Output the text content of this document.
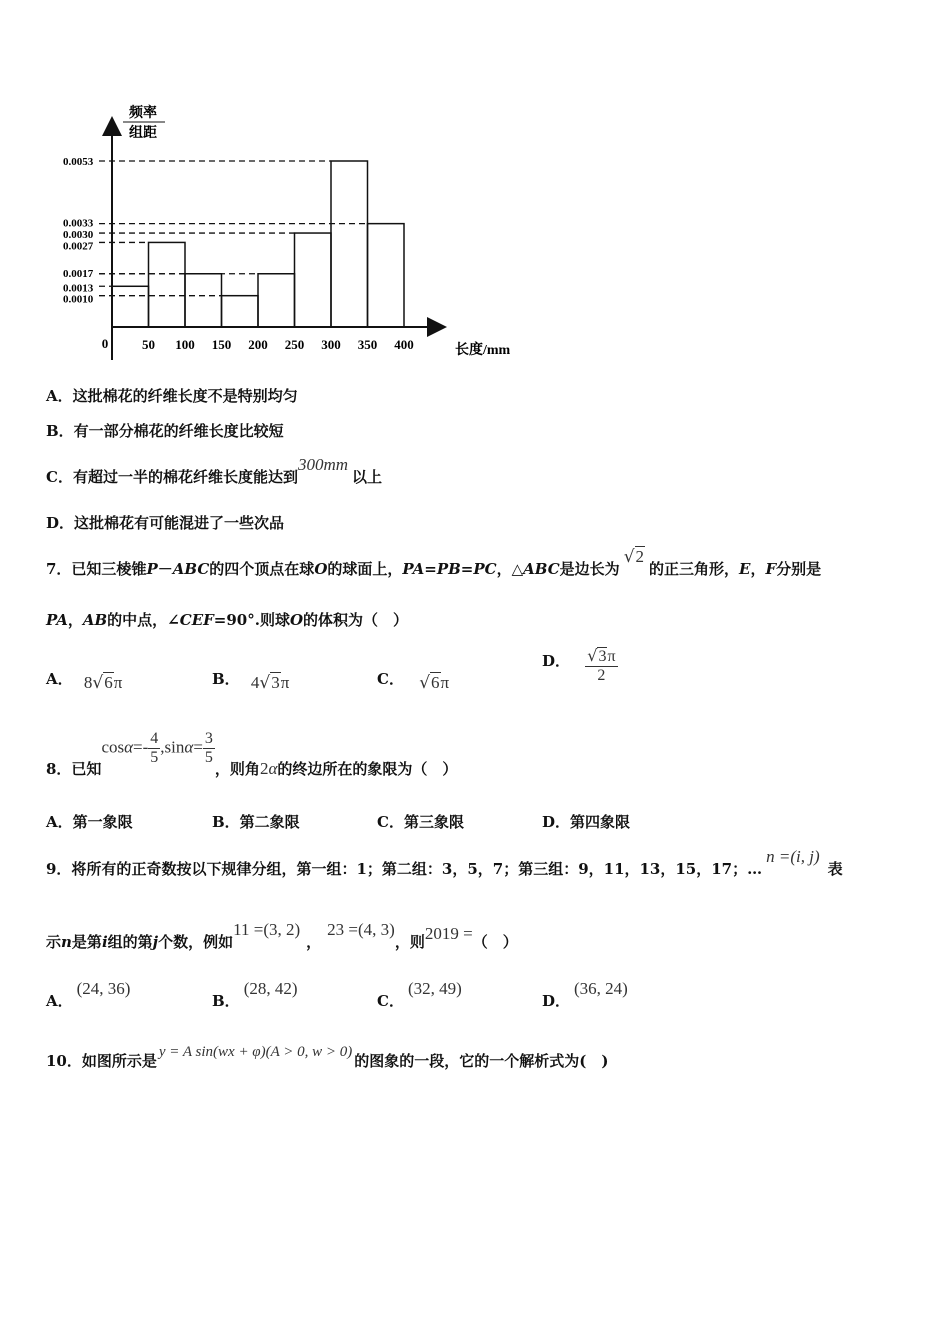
频率
组距
0.0053
0.0033
0.0030
0.0027
0.0017
0.0013
0.0010
50 100 150 200 250 300 350 400
0	长度/mm
A．这批棉花的纤维长度不是特别均匀
B．有一部分棉花的纤维长度比较短
C．有超过一半的棉花纤维长度能达到300mm以上
D．这批棉花有可能混进了一些次品
7．已知三棱锥P－ABC的四个顶点在球O的球面上，PA=PB=PC，△ABC是边长为√2的正三角形，E，F分别是
PA，AB的中点，∠CEF=90°.则球O的体积为（　）
A． 8√6π	B． 4√3π	C． √6π
D． $\frac{√3\pi}{2}$
8．已知$\cos\alpha=- \frac{4}{5} ,\sin\alpha= \frac{3}{5}$
，则角2α的终边所在的象限为（　）
A．第一象限	B．第二象限	C．第三象限	D．第四象限
9．将所有的正奇数按以下规律分组，第一组：1；第二组：3，5，7；第三组：9，11，13，15，17；…n =(i, j)表
示n是第i组的第j个数，例如11 =(3, 2)，23 =(4, 3)，则2019 =（　）
A．(24, 36)
B．(28, 42)
C．(32, 49)
D．(36, 24)
10．如图所示是 y = A sin(wx + φ)(A > 0, w > 0) 的图象的一段，它的一个解析式为(　)
